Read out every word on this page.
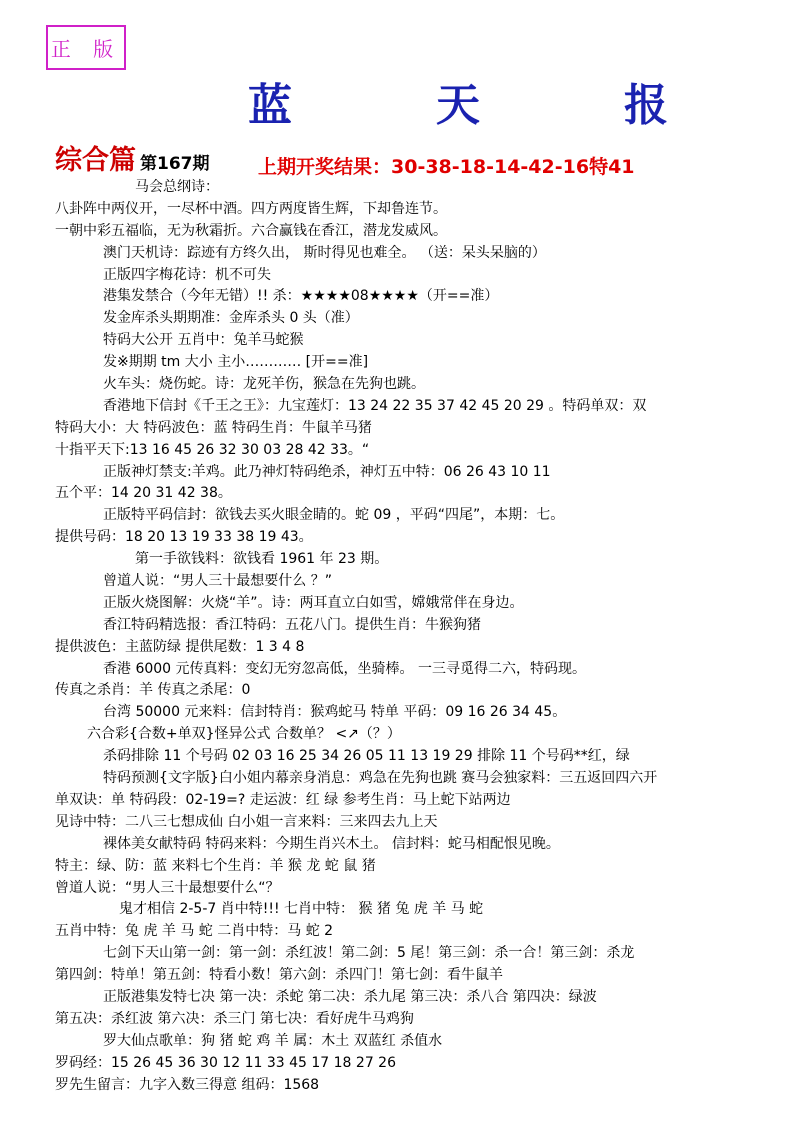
正 版
蓝	天	报
综合篇 第167期	上期开奖结果：30-38-18-14-42-16特41
马会总纲诗：
八卦阵中两仪开，一尽杯中酒。四方两度皆生辉，下却鲁连节。
一朝中彩五福临，无为秋霜折。六合赢钱在香江，潜龙发威风。
澳门天机诗：踪迹有方终久出， 斯时得见也难全。 （送：呆头呆脑的）
正版四字梅花诗：机不可失
港集发禁合（今年无错）!! 杀：★★★★08★★★★（开==准）
发金库杀头期期准：金库杀头 0 头（准）
特码大公开 五肖中：兔羊马蛇猴
发※期期 tm 大小 主小………… [开==准]
火车头：烧伤蛇。诗：龙死羊伤，猴急在先狗也跳。
香港地下信封《千王之王》：九宝莲灯：13 24 22 35 37 42 45 20 29 。特码单双：双
特码大小：大 特码波色：蓝 特码生肖：牛鼠羊马猪
十指平天下:13 16 45 26 32 30 03 28 42 33。“
正版神灯禁支:羊鸡。此乃神灯特码绝杀，神灯五中特：06 26 43 10 11
五个平：14 20 31 42 38。
正版特平码信封：欲钱去买火眼金睛的。蛇 09 ，平码“四尾”，本期：七。
提供号码：18 20 13 19 33 38 19 43。
第一手欲钱料：欲钱看 1961 年 23 期。
曾道人说：“男人三十最想要什么 ？”
正版火烧图解：火烧“羊”。诗：两耳直立白如雪，嫦娥常伴在身边。
香江特码精选报：香江特码：五花八门。提供生肖：牛猴狗猪
提供波色：主蓝防绿 提供尾数：1 3 4 8
香港 6000 元传真料：变幻无穷忽高低，坐骑棒。 一三寻觅得二六，特码现。
传真之杀肖：羊 传真之杀尾：0
台湾 50000 元来料：信封特肖：猴鸡蛇马 特单 平码：09 16 26 34 45。
六合彩{合数+单双}怪异公式 合数单？ <↗（？）
杀码排除 11 个号码 02 03 16 25 34 26 05 11 13 19 29 排除 11 个号码**红，绿
特码预测{文字版}白小姐内幕亲身消息：鸡急在先狗也跳 赛马会独家料：三五返回四六开
单双诀：单 特码段：02-19=? 走运波：红 绿 参考生肖：马上蛇下站两边
见诗中特：二八三七想成仙 白小姐一言来料：三来四去九上天
裸体美女献特码 特码来料：今期生肖兴木土。 信封料：蛇马相配恨见晚。
特主：绿、防：蓝 来料七个生肖：羊 猴 龙 蛇 鼠 猪
曾道人说：“男人三十最想要什么“？
鬼才相信 2-5-7 肖中特!!! 七肖中特： 猴 猪 兔 虎 羊 马 蛇
五肖中特：兔 虎 羊 马 蛇 二肖中特：马 蛇 2
七剑下天山第一剑：第一剑：杀红波！第二剑：5 尾！第三剑：杀一合！第三剑：杀龙
第四剑：特单！第五剑：特看小数！第六剑：杀四门！第七剑：看牛鼠羊
正版港集发特七决 第一决：杀蛇 第二决：杀九尾 第三决：杀八合 第四决：绿波
第五决：杀红波 第六决：杀三门 第七决：看好虎牛马鸡狗
罗大仙点歌单：狗 猪 蛇 鸡 羊 属：木土 双蓝红 杀值水
罗码经：15 26 45 36 30 12 11 33 45 17 18 27 26
罗先生留言：九字入数三得意 组码：1568
